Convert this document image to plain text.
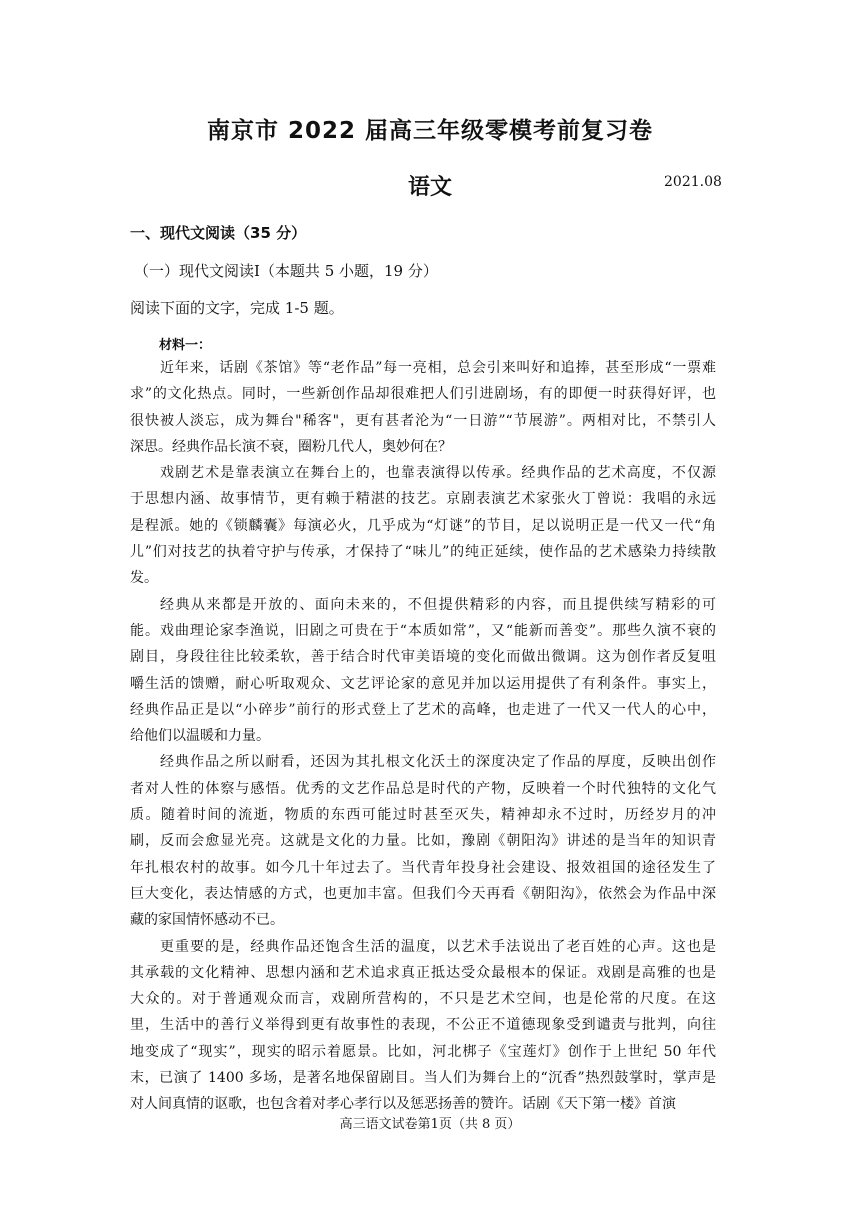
南京市 2022 届高三年级零模考前复习卷
语文	2021.08
一、现代文阅读（35 分）
（一）现代文阅读Ⅰ（本题共 5 小题，19 分）
阅读下面的文字，完成 1-5 题。
材料一：
近年来，话剧《茶馆》等“老作品”每一亮相，总会引来叫好和追捧，甚至形成“一票难
求”的文化热点。同时，一些新创作品却很难把人们引进剧场，有的即便一时获得好评，也
很快被人淡忘，成为舞台"稀客"，更有甚者沦为“一日游”“节展游”。两相对比，不禁引人
深思。经典作品长演不衰，圈粉几代人，奥妙何在？
戏剧艺术是靠表演立在舞台上的，也靠表演得以传承。经典作品的艺术高度，不仅源
于思想内涵、故事情节，更有赖于精湛的技艺。京剧表演艺术家张火丁曾说：我唱的永远
是程派。她的《锁麟囊》每演必火，几乎成为“灯谜”的节目，足以说明正是一代又一代“角
儿”们对技艺的执着守护与传承，才保持了“味儿”的纯正延续，使作品的艺术感染力持续散
发。
经典从来都是开放的、面向未来的，不但提供精彩的内容，而且提供续写精彩的可
能。戏曲理论家李渔说，旧剧之可贵在于“本质如常”，又“能新而善变”。那些久演不衰的
剧目，身段往往比较柔软，善于结合时代审美语境的变化而做出微调。这为创作者反复咀
嚼生活的馈赠，耐心听取观众、文艺评论家的意见并加以运用提供了有利条件。事实上，
经典作品正是以“小碎步”前行的形式登上了艺术的高峰，也走进了一代又一代人的心中，
给他们以温暖和力量。
经典作品之所以耐看，还因为其扎根文化沃土的深度决定了作品的厚度，反映出创作
者对人性的体察与感悟。优秀的文艺作品总是时代的产物，反映着一个时代独特的文化气
质。随着时间的流逝，物质的东西可能过时甚至灭失，精神却永不过时，历经岁月的冲
刷，反而会愈显光亮。这就是文化的力量。比如，豫剧《朝阳沟》讲述的是当年的知识青
年扎根农村的故事。如今几十年过去了。当代青年投身社会建设、报效祖国的途径发生了
巨大变化，表达情感的方式，也更加丰富。但我们今天再看《朝阳沟》，依然会为作品中深
藏的家国情怀感动不已。
更重要的是，经典作品还饱含生活的温度，以艺术手法说出了老百姓的心声。这也是
其承载的文化精神、思想内涵和艺术追求真正抵达受众最根本的保证。戏剧是高雅的也是
大众的。对于普通观众而言，戏剧所营构的，不只是艺术空间，也是伦常的尺度。在这
里，生活中的善行义举得到更有故事性的表现，不公正不道德现象受到谴责与批判，向往
地变成了“现实”，现实的昭示着愿景。比如，河北梆子《宝莲灯》创作于上世纪 50 年代
末，已演了 1400 多场，是著名地保留剧目。当人们为舞台上的“沉香”热烈鼓掌时，掌声是
对人间真情的讴歌，也包含着对孝心孝行以及惩恶扬善的赞许。话剧《天下第一楼》首演
高三语文试卷第1页（共 8 页）
